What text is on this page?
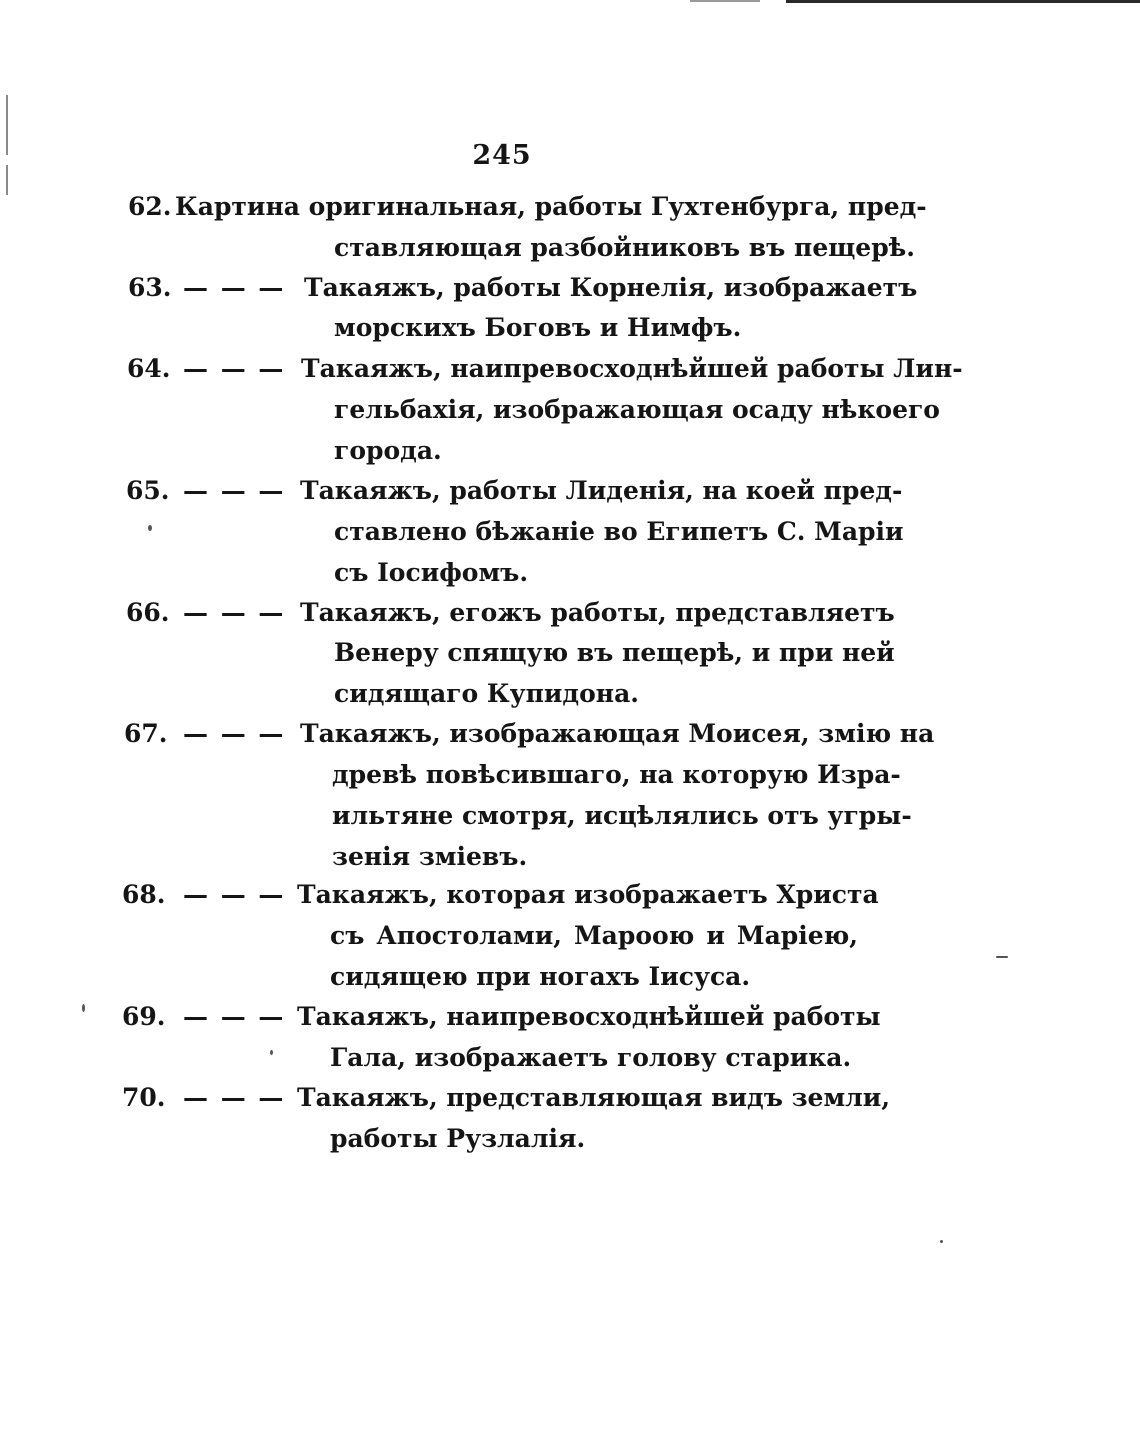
245
62. Картина оригинальная, работы Гухтенбурга, пред-
ставляющая разбойниковъ въ пещерѣ.
63. — — — Такаяжъ, работы Корнелія, изображаетъ
морскихъ Боговъ и Нимфъ.
64. — — — Такаяжъ, наипревосходнѣйшей работы Лин-
гельбахія, изображающая осаду нѣкоего
города.
65. — — — Такаяжъ, работы Лиденія, на коей пред-
ставлено бѣжаніе во Египетъ С. Маріи
съ Іосифомъ.
66. — — — Такаяжъ, егожъ работы, представляетъ
Венеру спящую въ пещерѣ, и при ней
сидящаго Купидона.
67. — — — Такаяжъ, изображающая Моисея, змію на
древѣ повѣсившаго, на которую Изра-
ильтяне смотря, исцѣлялись отъ угры-
зенія зміевъ.
68. — — — Такаяжъ, которая изображаетъ Христа
съ Апостолами, Мароою и Маріею,
сидящею при ногахъ Іисуса.
69. — — — Такаяжъ, наипревосходнѣйшей работы
Гала, изображаетъ голову старика.
70. — — — Такаяжъ, представляющая видъ земли,
работы Рузлалія.
